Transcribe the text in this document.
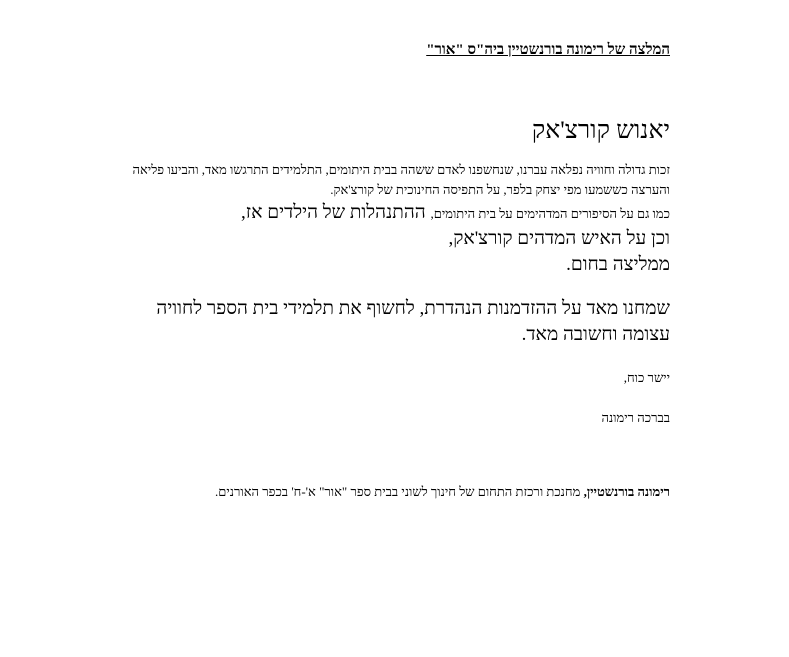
המלצה של רימונה בורנשטיין ביה"ס "אור"

יאנוש קורצ'אק

זכות גדולה וחוויה נפלאה עברנו, שנחשפנו לאדם ששהה בבית היתומים, התלמידים התרגשו מאד, והביעו פליאה והערצה כששמעו מפי יצחק בלפר, על התפיסה החינוכית של קורצ'אק.

כמו גם על הסיפורים המדהימים על בית היתומים, ההתנהלות של הילדים אז,

וכן על האיש המדהים קורצ'אק,

ממליצה בחום.

שמחנו מאד על ההזדמנות הנהדרת, לחשוף את תלמידי בית הספר לחוויה עצומה וחשובה מאד.

יישר כוח,

בברכה רימונה

רימונה בורנשטיין, מחנכת ורכזת התחום של חינוך לשוני בבית ספר "אור" א'-ח' בכפר האורנים.
